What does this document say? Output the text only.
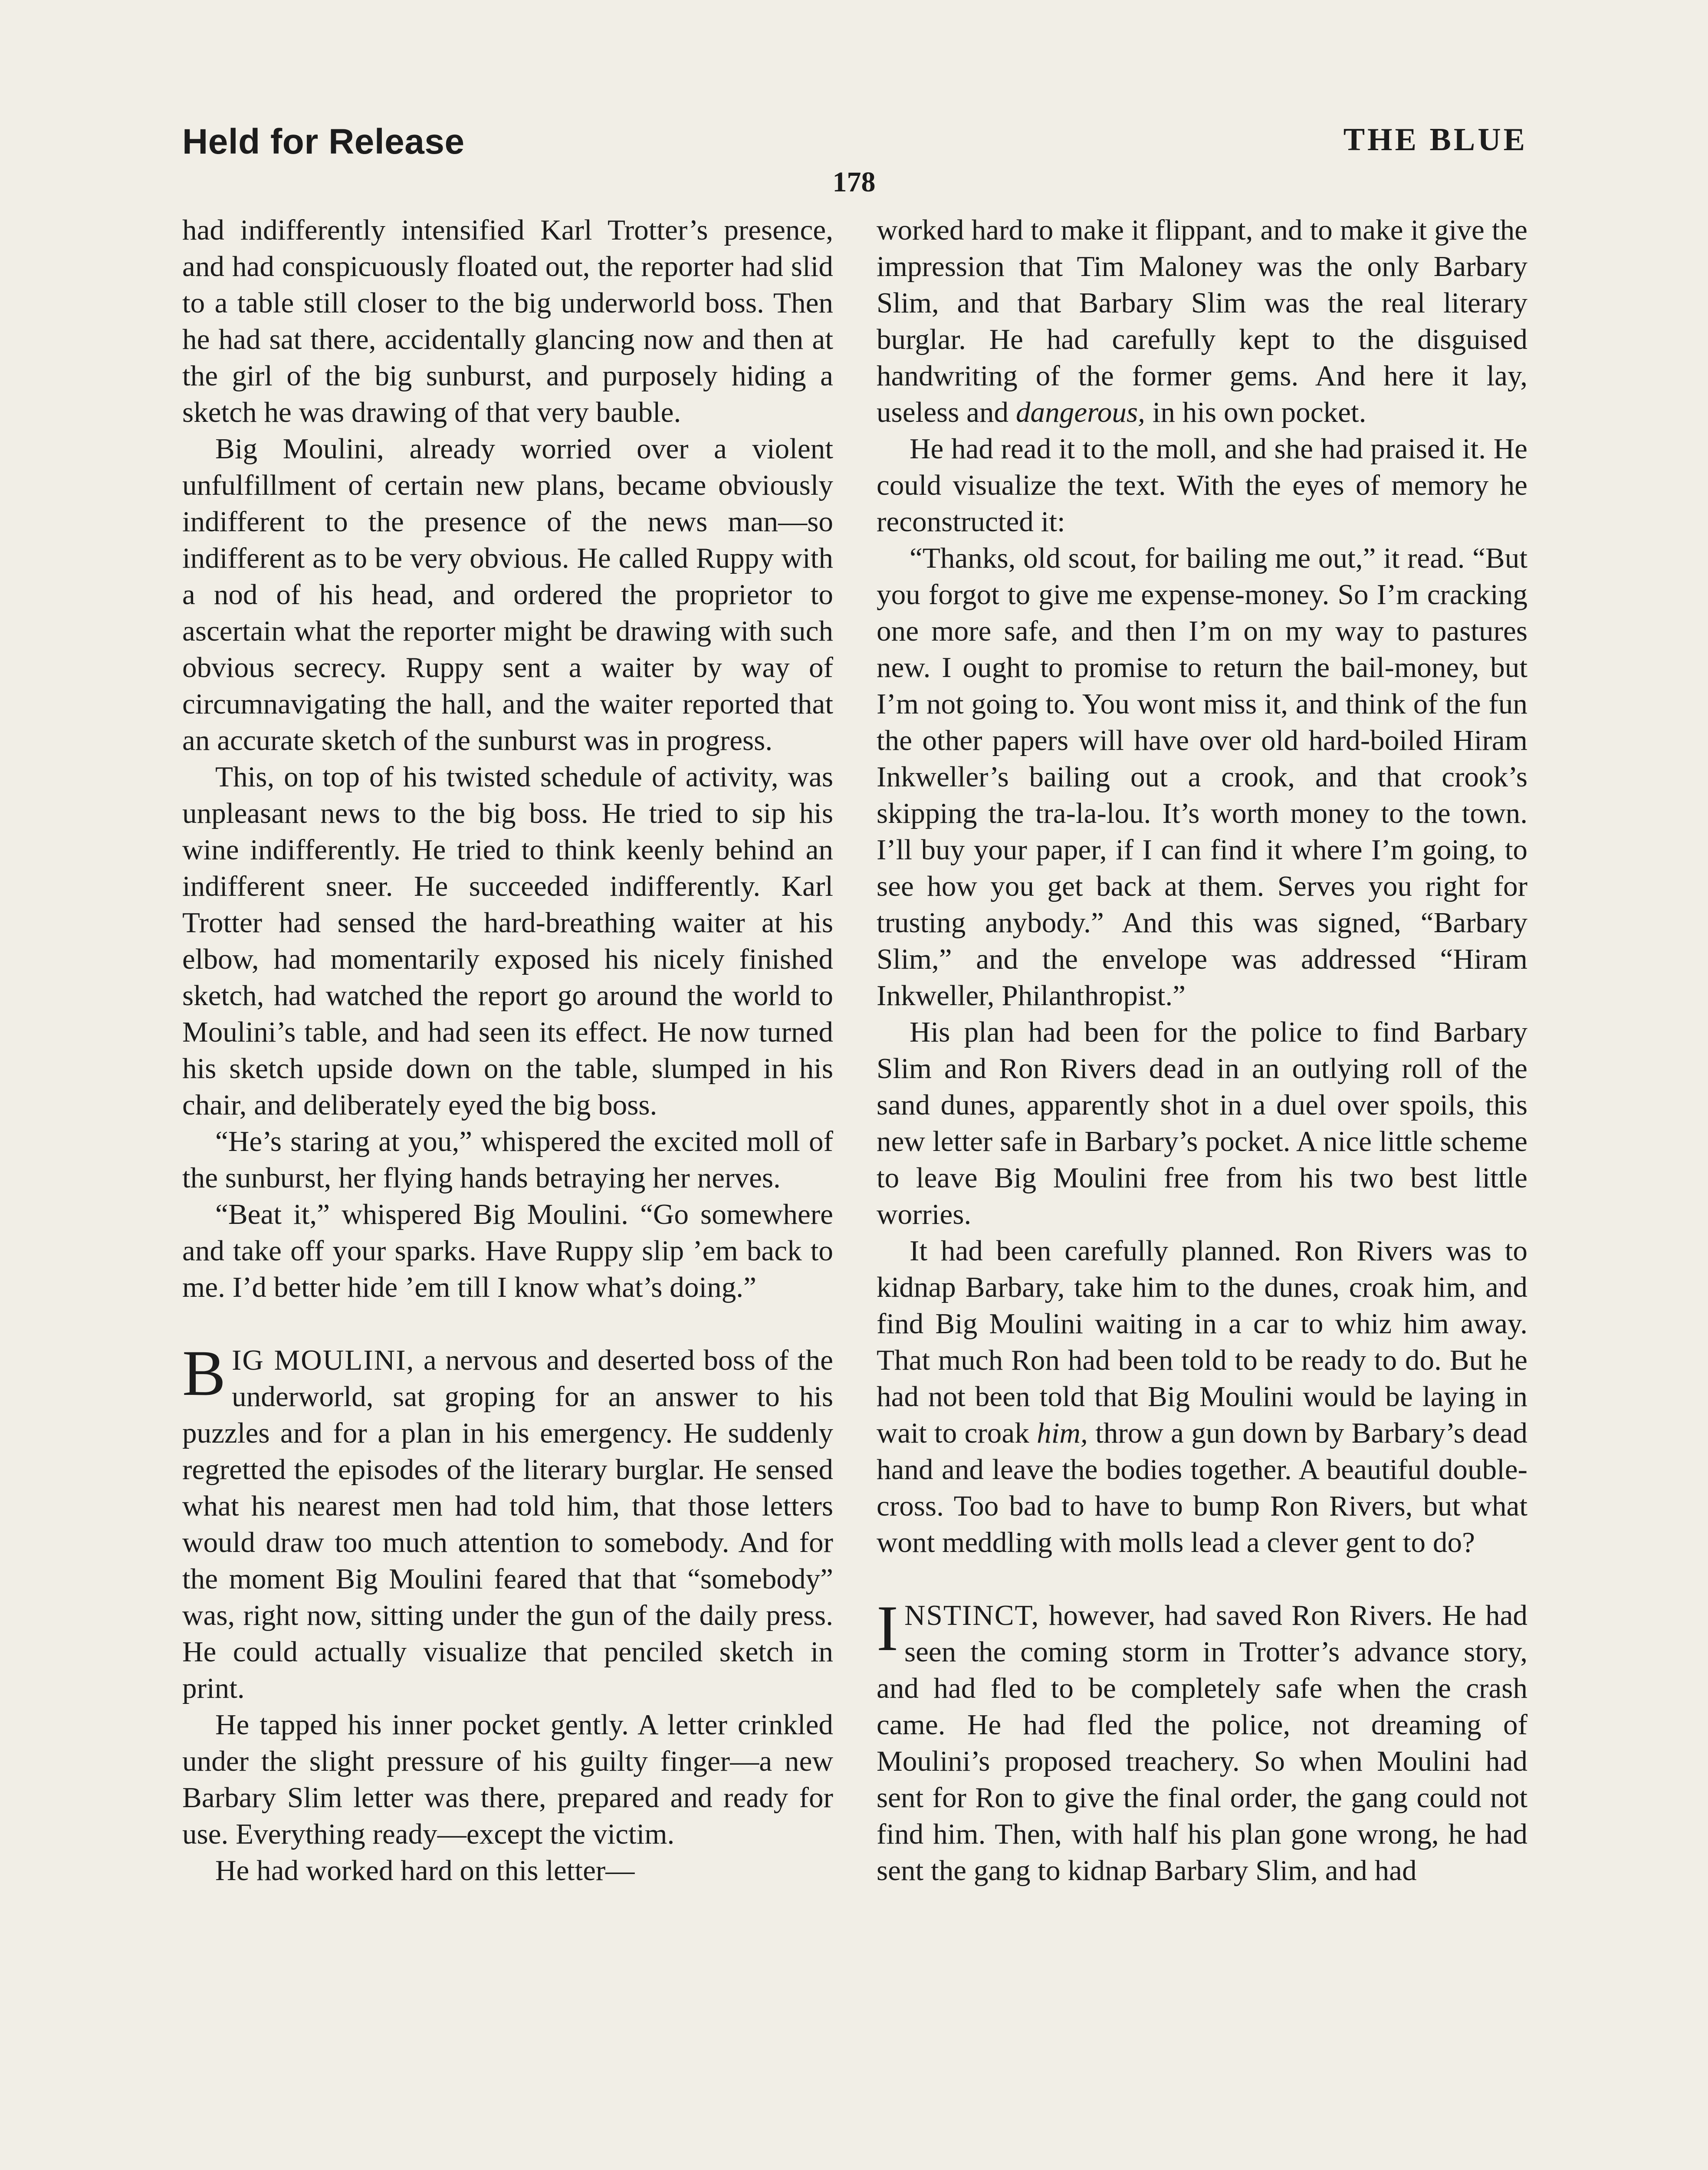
Held for Release	THE BLUE
178

had indifferently intensified Karl Trotter’s presence, and had conspicuously floated out, the reporter had slid to a table still closer to the big underworld boss. Then he had sat there, accidentally glancing now and then at the girl of the big sunburst, and purposely hiding a sketch he was drawing of that very bauble.

Big Moulini, already worried over a violent unfulfillment of certain new plans, became obviously indifferent to the presence of the news man—so indifferent as to be very obvious. He called Ruppy with a nod of his head, and ordered the proprietor to ascertain what the reporter might be drawing with such obvious secrecy. Ruppy sent a waiter by way of circumnavigating the hall, and the waiter reported that an accurate sketch of the sunburst was in progress.

This, on top of his twisted schedule of activity, was unpleasant news to the big boss. He tried to sip his wine indifferently. He tried to think keenly behind an indifferent sneer. He succeeded indifferently. Karl Trotter had sensed the hard-breathing waiter at his elbow, had momentarily exposed his nicely finished sketch, had watched the report go around the world to Moulini’s table, and had seen its effect. He now turned his sketch upside down on the table, slumped in his chair, and deliberately eyed the big boss.

“He’s staring at you,” whispered the excited moll of the sunburst, her flying hands betraying her nerves.

“Beat it,” whispered Big Moulini. “Go somewhere and take off your sparks. Have Ruppy slip ’em back to me. I’d better hide ’em till I know what’s doing.”

BIG MOULINI, a nervous and deserted boss of the underworld, sat groping for an answer to his puzzles and for a plan in his emergency. He suddenly regretted the episodes of the literary burglar. He sensed what his nearest men had told him, that those letters would draw too much attention to somebody. And for the moment Big Moulini feared that that “somebody” was, right now, sitting under the gun of the daily press. He could actually visualize that penciled sketch in print.

He tapped his inner pocket gently. A letter crinkled under the slight pressure of his guilty finger—a new Barbary Slim letter was there, prepared and ready for use. Everything ready—except the victim.

He had worked hard on this letter—

worked hard to make it flippant, and to make it give the impression that Tim Maloney was the only Barbary Slim, and that Barbary Slim was the real literary burglar. He had carefully kept to the disguised handwriting of the former gems. And here it lay, useless and dangerous, in his own pocket.

He had read it to the moll, and she had praised it. He could visualize the text. With the eyes of memory he reconstructed it:

“Thanks, old scout, for bailing me out,” it read. “But you forgot to give me expense-money. So I’m cracking one more safe, and then I’m on my way to pastures new. I ought to promise to return the bail-money, but I’m not going to. You wont miss it, and think of the fun the other papers will have over old hard-boiled Hiram Inkweller’s bailing out a crook, and that crook’s skipping the tra-la-lou. It’s worth money to the town. I’ll buy your paper, if I can find it where I’m going, to see how you get back at them. Serves you right for trusting anybody.” And this was signed, “Barbary Slim,” and the envelope was addressed “Hiram Inkweller, Philanthropist.”

His plan had been for the police to find Barbary Slim and Ron Rivers dead in an outlying roll of the sand dunes, apparently shot in a duel over spoils, this new letter safe in Barbary’s pocket. A nice little scheme to leave Big Moulini free from his two best little worries.

It had been carefully planned. Ron Rivers was to kidnap Barbary, take him to the dunes, croak him, and find Big Moulini waiting in a car to whiz him away. That much Ron had been told to be ready to do. But he had not been told that Big Moulini would be laying in wait to croak him, throw a gun down by Barbary’s dead hand and leave the bodies together. A beautiful double-cross. Too bad to have to bump Ron Rivers, but what wont meddling with molls lead a clever gent to do?

INSTINCT, however, had saved Ron Rivers. He had seen the coming storm in Trotter’s advance story, and had fled to be completely safe when the crash came. He had fled the police, not dreaming of Moulini’s proposed treachery. So when Moulini had sent for Ron to give the final order, the gang could not find him. Then, with half his plan gone wrong, he had sent the gang to kidnap Barbary Slim, and had
